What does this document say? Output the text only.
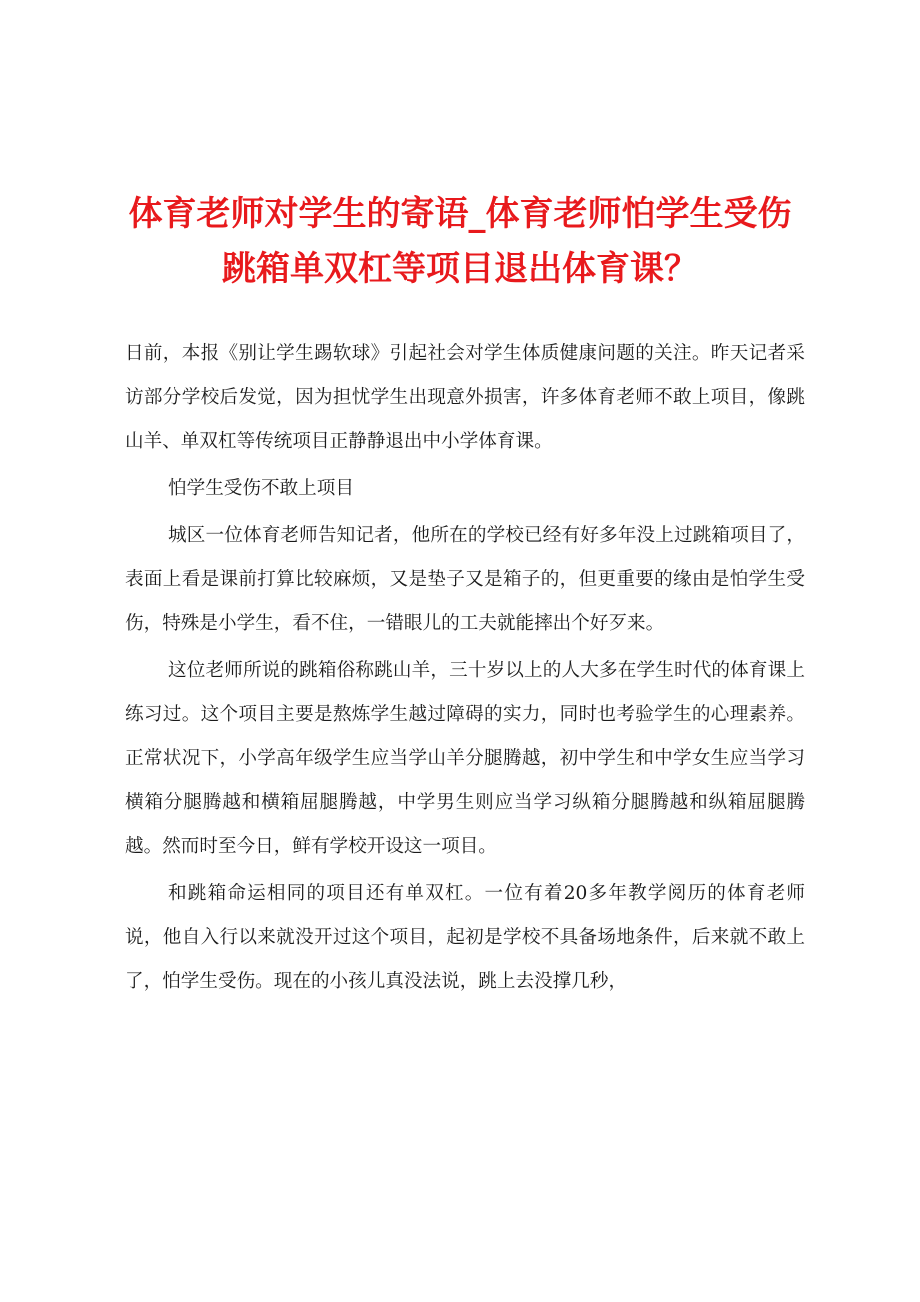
体育老师对学生的寄语_体育老师怕学生受伤
跳箱单双杠等项目退出体育课？

日前，本报《别让学生踢软球》引起社会对学生体质健康问题的关注。昨天记者采访部分学校后发觉，因为担忧学生出现意外损害，许多体育老师不敢上项目，像跳山羊、单双杠等传统项目正静静退出中小学体育课。

怕学生受伤不敢上项目

城区一位体育老师告知记者，他所在的学校已经有好多年没上过跳箱项目了，表面上看是课前打算比较麻烦，又是垫子又是箱子的，但更重要的缘由是怕学生受伤，特殊是小学生，看不住，一错眼儿的工夫就能摔出个好歹来。

这位老师所说的跳箱俗称跳山羊，三十岁以上的人大多在学生时代的体育课上练习过。这个项目主要是熬炼学生越过障碍的实力，同时也考验学生的心理素养。正常状况下，小学高年级学生应当学山羊分腿腾越，初中学生和中学女生应当学习横箱分腿腾越和横箱屈腿腾越，中学男生则应当学习纵箱分腿腾越和纵箱屈腿腾越。然而时至今日，鲜有学校开设这一项目。

和跳箱命运相同的项目还有单双杠。一位有着20多年教学阅历的体育老师说，他自入行以来就没开过这个项目，起初是学校不具备场地条件，后来就不敢上了，怕学生受伤。现在的小孩儿真没法说，跳上去没撑几秒，
